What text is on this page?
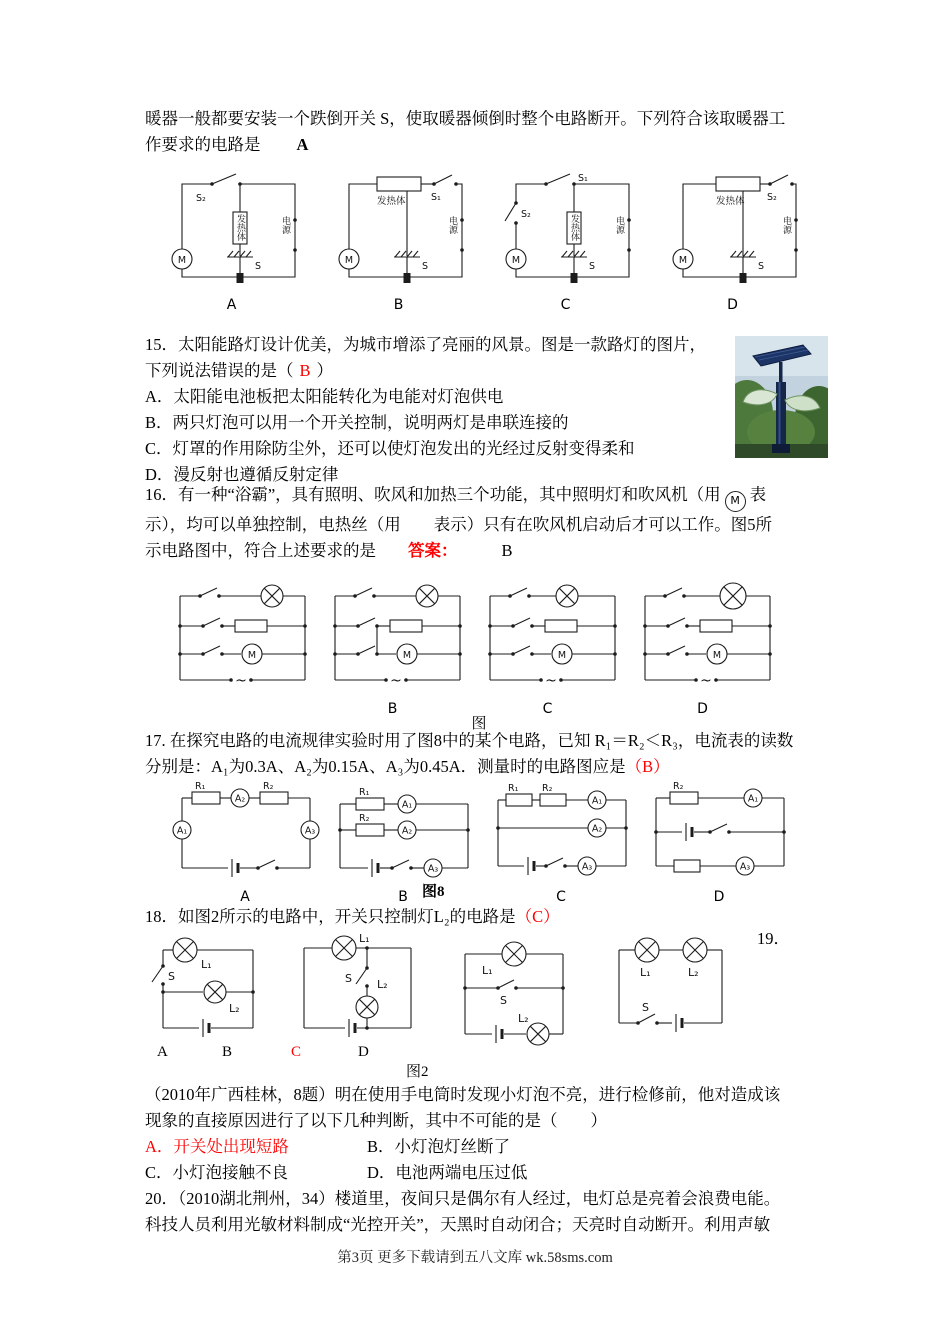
暖器一般都要安装一个跌倒开关 S，使取暖器倾倒时整个电路断开。下列符合该取暖器工
作要求的电路是 A
M
S
S₂
发热体	电源
A
M
S
S₁
发热体
电源
B
M
S₁
S₂
S
发热体	电源
C
M
S
S₂
发热体
电源
D
15．太阳能路灯设计优美，为城市增添了亮丽的风景。图是一款路灯的图片，
下列说法错误的是（ B ）
A．太阳能电池板把太阳能转化为电能对灯泡供电
B．两只灯泡可以用一个开关控制，说明两灯是串联连接的
C．灯罩的作用除防尘外，还可以使灯泡发出的光经过反射变得柔和
D．漫反射也遵循反射定律
16．有一种“浴霸”，具有照明、吹风和加热三个功能，其中照明灯和吹风机（用 M 表
示），均可以单独控制，电热丝（用　　表示）只有在吹风机启动后才可以工作。图5所
示电路图中，符合上述要求的是 答案：	B
M
~
M
~
B
M
~
C
M
~
D
图
17. 在探究电路的电流规律实验时用了图8中的某个电路，已知 R₁＝R₂＜R₃，电流表的读数
分别是：A₁为0.3A、A₂为0.15A、A₃为0.45A．测量时的电路图应是（B）
A₂
R₁	R₂
A₁	A₃
A
A₁
R₁
A₂
R₂
A₃
B
A₁
R₁ R₂
A₂
A₃
C
A₁
R₂
A₃
D
图8
18．如图2所示的电路中，开关只控制灯L₂的电路是（C）
19．
L₁
S
L₂
L₁
S L₂
L₁
S
L₂
L₁	L₂
S
A	B	C	D
图2
（2010年广西桂林，8题）明在使用手电筒时发现小灯泡不亮，进行检修前，他对造成该
现象的直接原因进行了以下几种判断，其中不可能的是（　　）
A．开关处出现短路	B．小灯泡灯丝断了
C．小灯泡接触不良	D．电池两端电压过低
20．（2010湖北荆州，34）楼道里，夜间只是偶尔有人经过，电灯总是亮着会浪费电能。
科技人员利用光敏材料制成“光控开关”，天黑时自动闭合；天亮时自动断开。利用声敏
第3页 更多下载请到五八文库 wk.58sms.com
